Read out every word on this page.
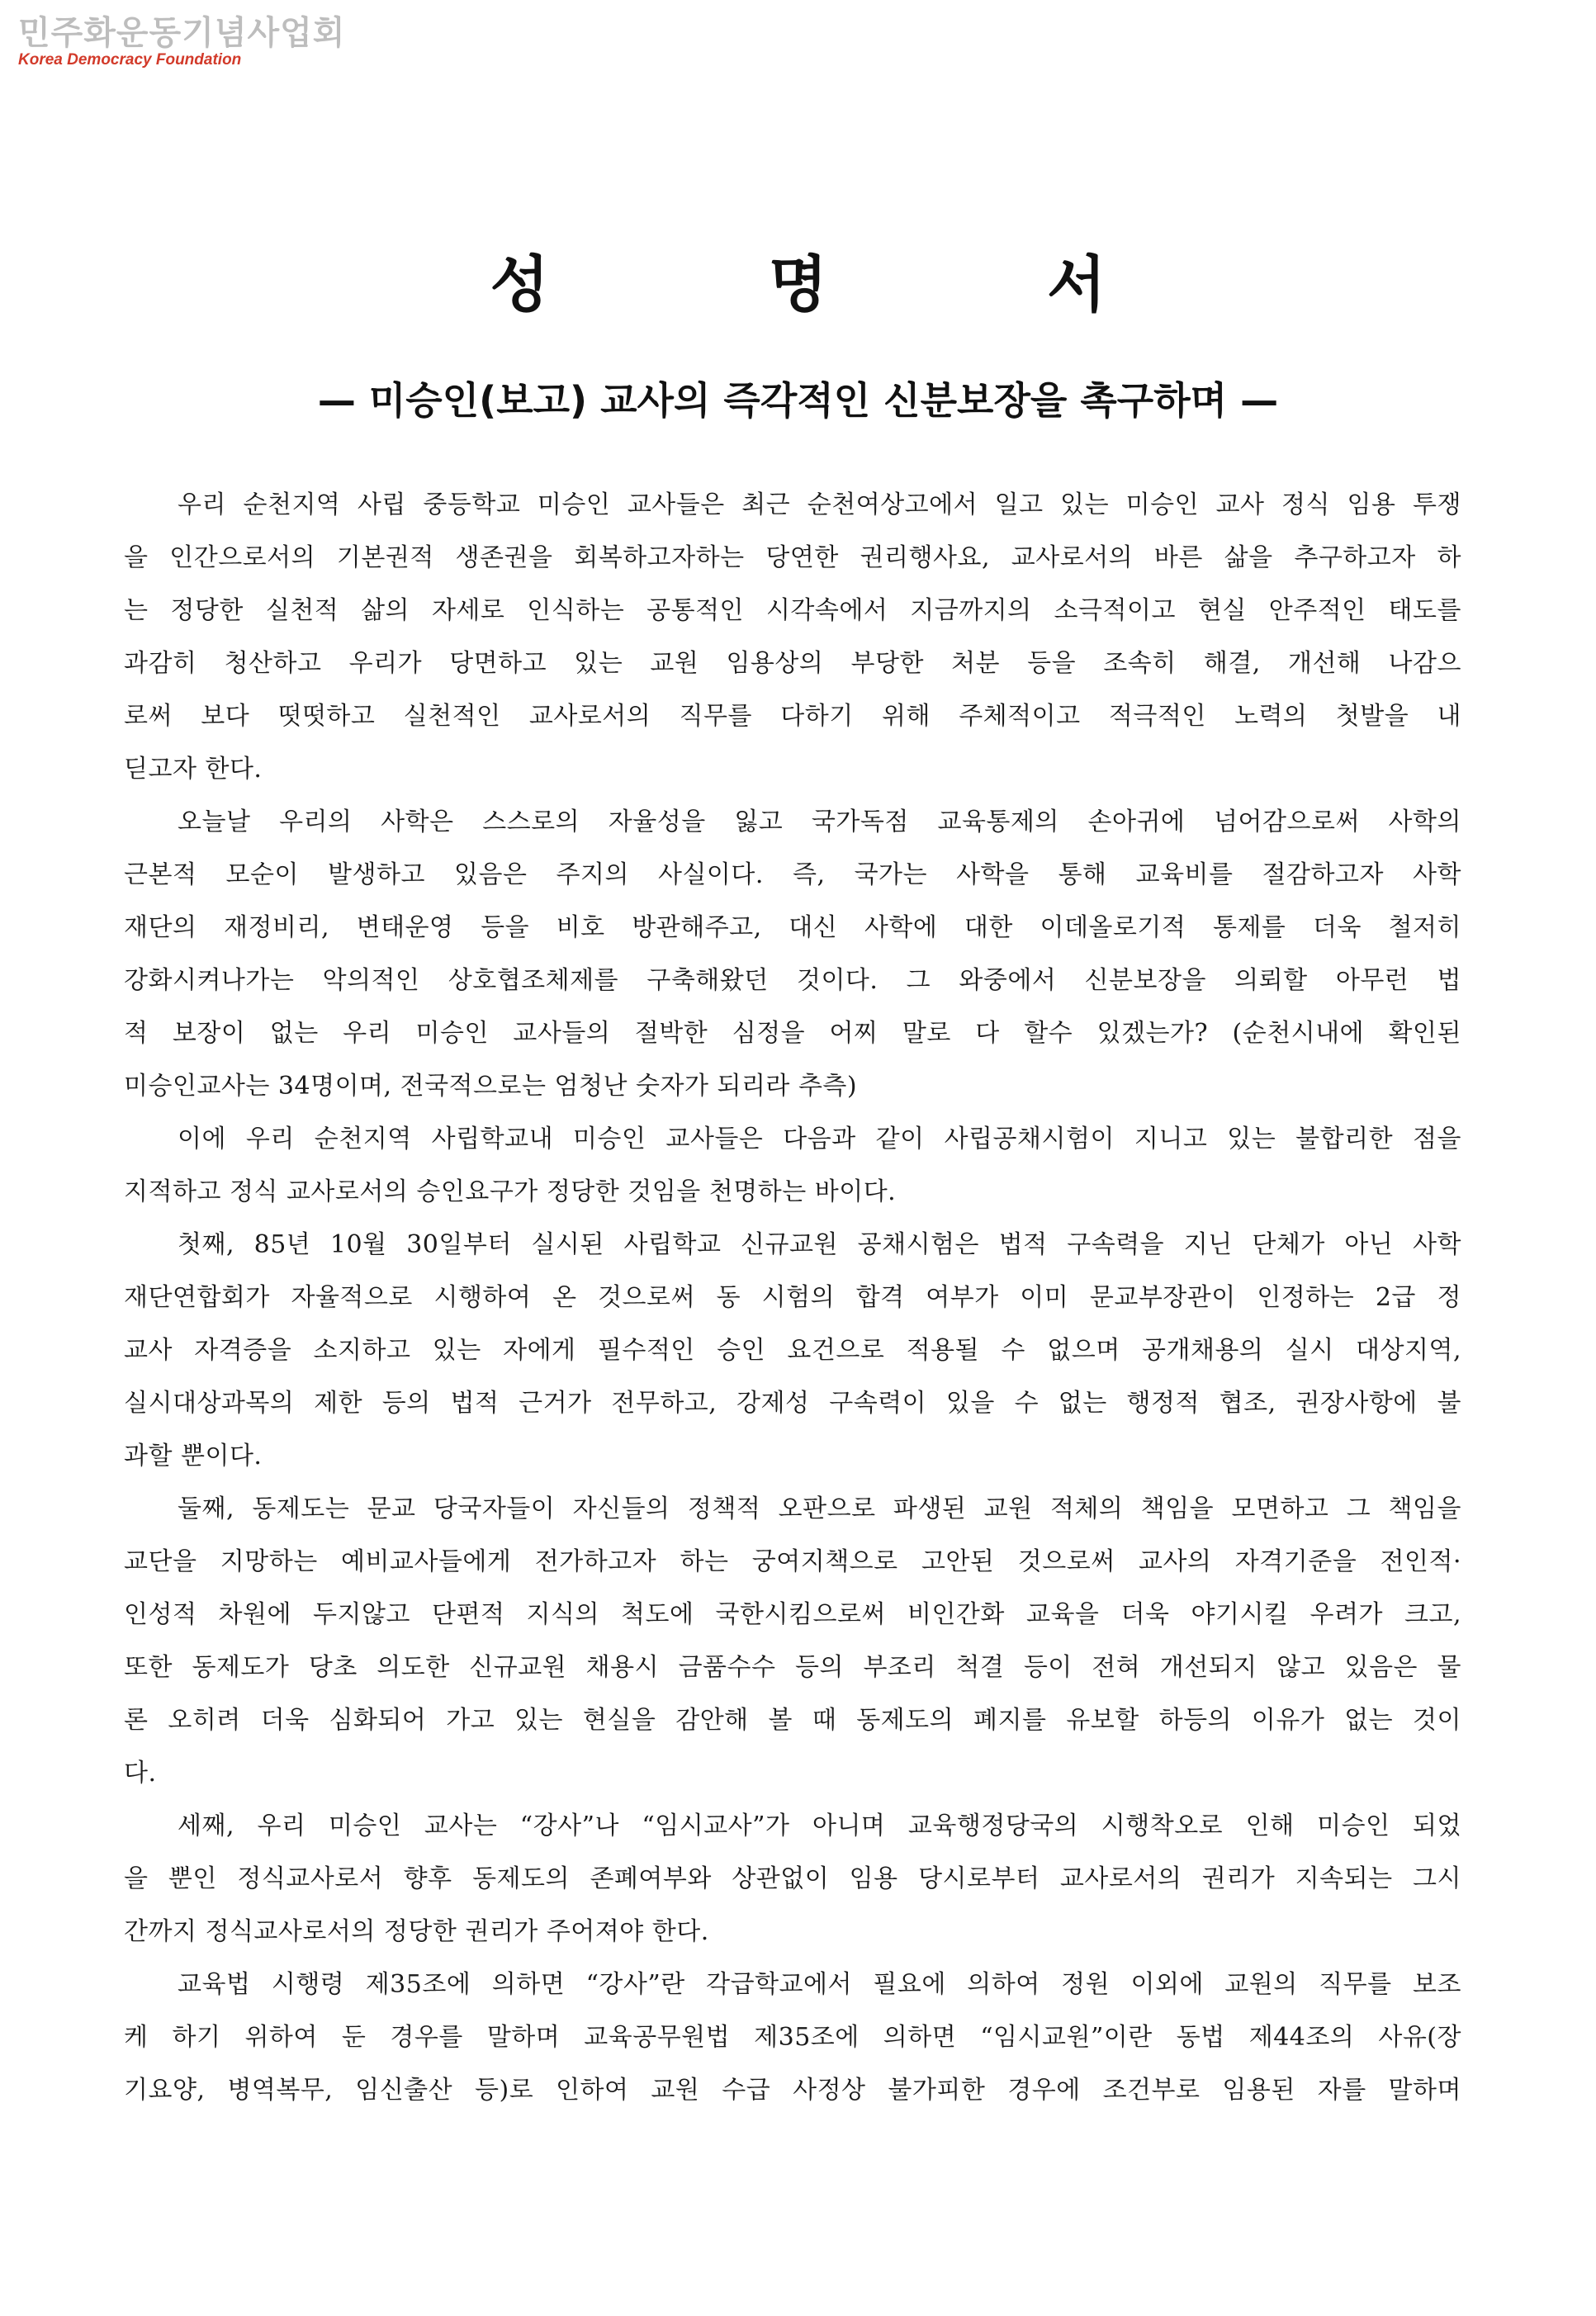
민주화운동기념사업회
Korea Democracy Foundation
성 명 서
— 미승인(보고) 교사의 즉각적인 신분보장을 촉구하며 —
우리 순천지역 사립 중등학교 미승인 교사들은 최근 순천여상고에서 일고 있는 미승인 교사 정식 임용 투쟁
을 인간으로서의 기본권적 생존권을 회복하고자하는 당연한 권리행사요, 교사로서의 바른 삶을 추구하고자 하
는 정당한 실천적 삶의 자세로 인식하는 공통적인 시각속에서 지금까지의 소극적이고 현실 안주적인 태도를
과감히 청산하고 우리가 당면하고 있는 교원 임용상의 부당한 처분 등을 조속히 해결, 개선해 나감으
로써 보다 떳떳하고 실천적인 교사로서의 직무를 다하기 위해 주체적이고 적극적인 노력의 첫발을 내
딛고자 한다.
오늘날 우리의 사학은 스스로의 자율성을 잃고 국가독점 교육통제의 손아귀에 넘어감으로써 사학의
근본적 모순이 발생하고 있음은 주지의 사실이다. 즉, 국가는 사학을 통해 교육비를 절감하고자 사학
재단의 재정비리, 변태운영 등을 비호 방관해주고, 대신 사학에 대한 이데올로기적 통제를 더욱 철저히
강화시켜나가는 악의적인 상호협조체제를 구축해왔던 것이다. 그 와중에서 신분보장을 의뢰할 아무런 법
적 보장이 없는 우리 미승인 교사들의 절박한 심정을 어찌 말로 다 할수 있겠는가? (순천시내에 확인된
미승인교사는 34명이며, 전국적으로는 엄청난 숫자가 되리라 추측)
이에 우리 순천지역 사립학교내 미승인 교사들은 다음과 같이 사립공채시험이 지니고 있는 불합리한 점을
지적하고 정식 교사로서의 승인요구가 정당한 것임을 천명하는 바이다.
첫째, 85년 10월 30일부터 실시된 사립학교 신규교원 공채시험은 법적 구속력을 지닌 단체가 아닌 사학
재단연합회가 자율적으로 시행하여 온 것으로써 동 시험의 합격 여부가 이미 문교부장관이 인정하는 2급 정
교사 자격증을 소지하고 있는 자에게 필수적인 승인 요건으로 적용될 수 없으며 공개채용의 실시 대상지역,
실시대상과목의 제한 등의 법적 근거가 전무하고, 강제성 구속력이 있을 수 없는 행정적 협조, 권장사항에 불
과할 뿐이다.
둘째, 동제도는 문교 당국자들이 자신들의 정책적 오판으로 파생된 교원 적체의 책임을 모면하고 그 책임을
교단을 지망하는 예비교사들에게 전가하고자 하는 궁여지책으로 고안된 것으로써 교사의 자격기준을 전인적·
인성적 차원에 두지않고 단편적 지식의 척도에 국한시킴으로써 비인간화 교육을 더욱 야기시킬 우려가 크고,
또한 동제도가 당초 의도한 신규교원 채용시 금품수수 등의 부조리 척결 등이 전혀 개선되지 않고 있음은 물
론 오히려 더욱 심화되어 가고 있는 현실을 감안해 볼 때 동제도의 폐지를 유보할 하등의 이유가 없는 것이
다.
세째, 우리 미승인 교사는 “강사”나 “임시교사”가 아니며 교육행정당국의 시행착오로 인해 미승인 되었
을 뿐인 정식교사로서 향후 동제도의 존폐여부와 상관없이 임용 당시로부터 교사로서의 권리가 지속되는 그시
간까지 정식교사로서의 정당한 권리가 주어져야 한다.
교육법 시행령 제35조에 의하면 “강사”란 각급학교에서 필요에 의하여 정원 이외에 교원의 직무를 보조
케 하기 위하여 둔 경우를 말하며 교육공무원법 제35조에 의하면 “임시교원”이란 동법 제44조의 사유(장
기요양, 병역복무, 임신출산 등)로 인하여 교원 수급 사정상 불가피한 경우에 조건부로 임용된 자를 말하며
